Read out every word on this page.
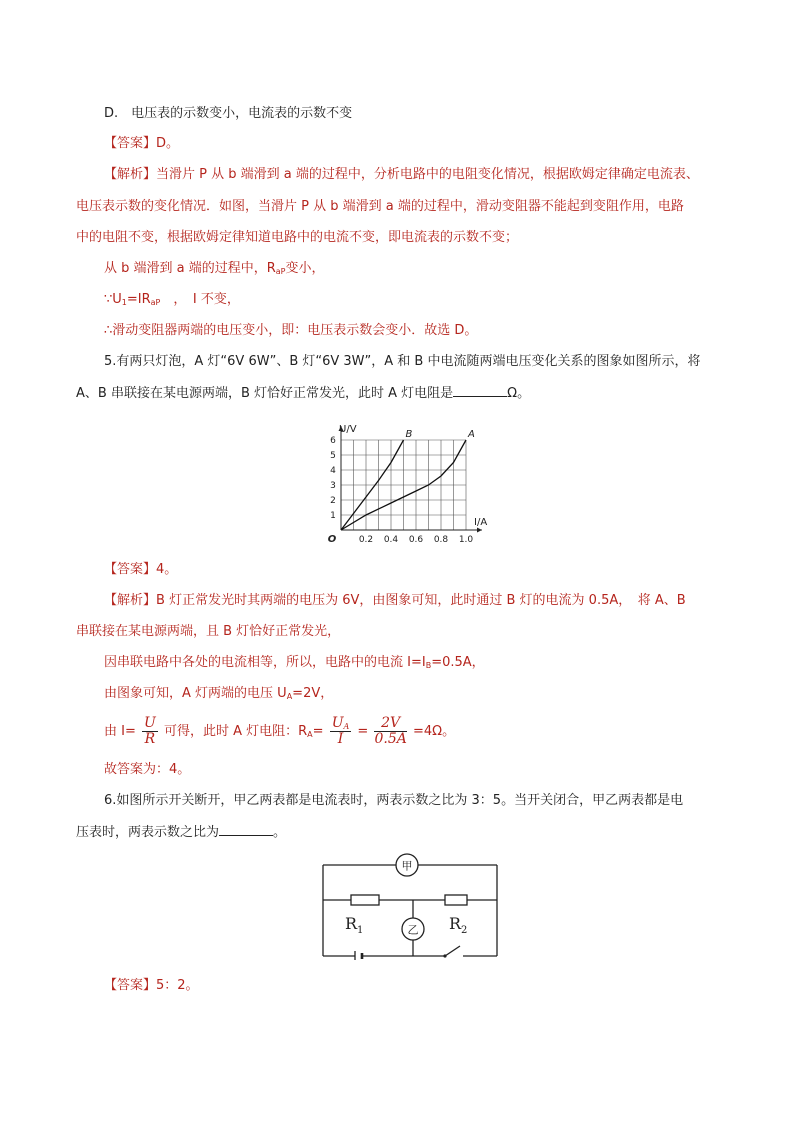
D.　电压表的示数变小，电流表的示数不变
【答案】D。
【解析】当滑片 P 从 b 端滑到 a 端的过程中，分析电路中的电阻变化情况，根据欧姆定律确定电流表、
电压表示数的变化情况．如图，当滑片 P 从 b 端滑到 a 端的过程中，滑动变阻器不能起到变阻作用，电路
中的电阻不变，根据欧姆定律知道电路中的电流不变，即电流表的示数不变；
从 b 端滑到 a 端的过程中，$R_{aP}$变小，
$\because U_1=IR_{aP}$　，　I 不变，
∴滑动变阻器两端的电压变小，即：电压表示数会变小．故选 D。
5.有两只灯泡，A 灯“6V 6W”、B 灯“6V 3W”，A 和 B 中电流随两端电压变化关系的图象如图所示，将
A、B 串联接在某电源两端，B 灯恰好正常发光，此时 A 灯电阻是	Ω。
B	A
0.2 0.4 0.6 0.8 1.0
1
2
3
4
5
6
O
I/A
U/V
【答案】4。
【解析】B 灯正常发光时其两端的电压为 6V，由图象可知，此时通过 B 灯的电流为 0.5A，　将 A、B
串联接在某电源两端，且 B 灯恰好正常发光，
因串联电路中各处的电流相等，所以，电路中的电流 $I=I_B=0.5A$，
由图象可知，A 灯两端的电压 $U_A=2V$，
由 $I= \frac{U}{R}$ 可得，此时 A 灯电阻：$R_A= \frac{U_A}{I} = \frac{2V}{0.5A} =4\Omega$。
故答案为：4。
6.如图所示开关断开，甲乙两表都是电流表时，两表示数之比为 3：5。当开关闭合，甲乙两表都是电
压表时，两表示数之比为	。
甲
乙
$R_1$	$R_2$
【答案】5：2。
